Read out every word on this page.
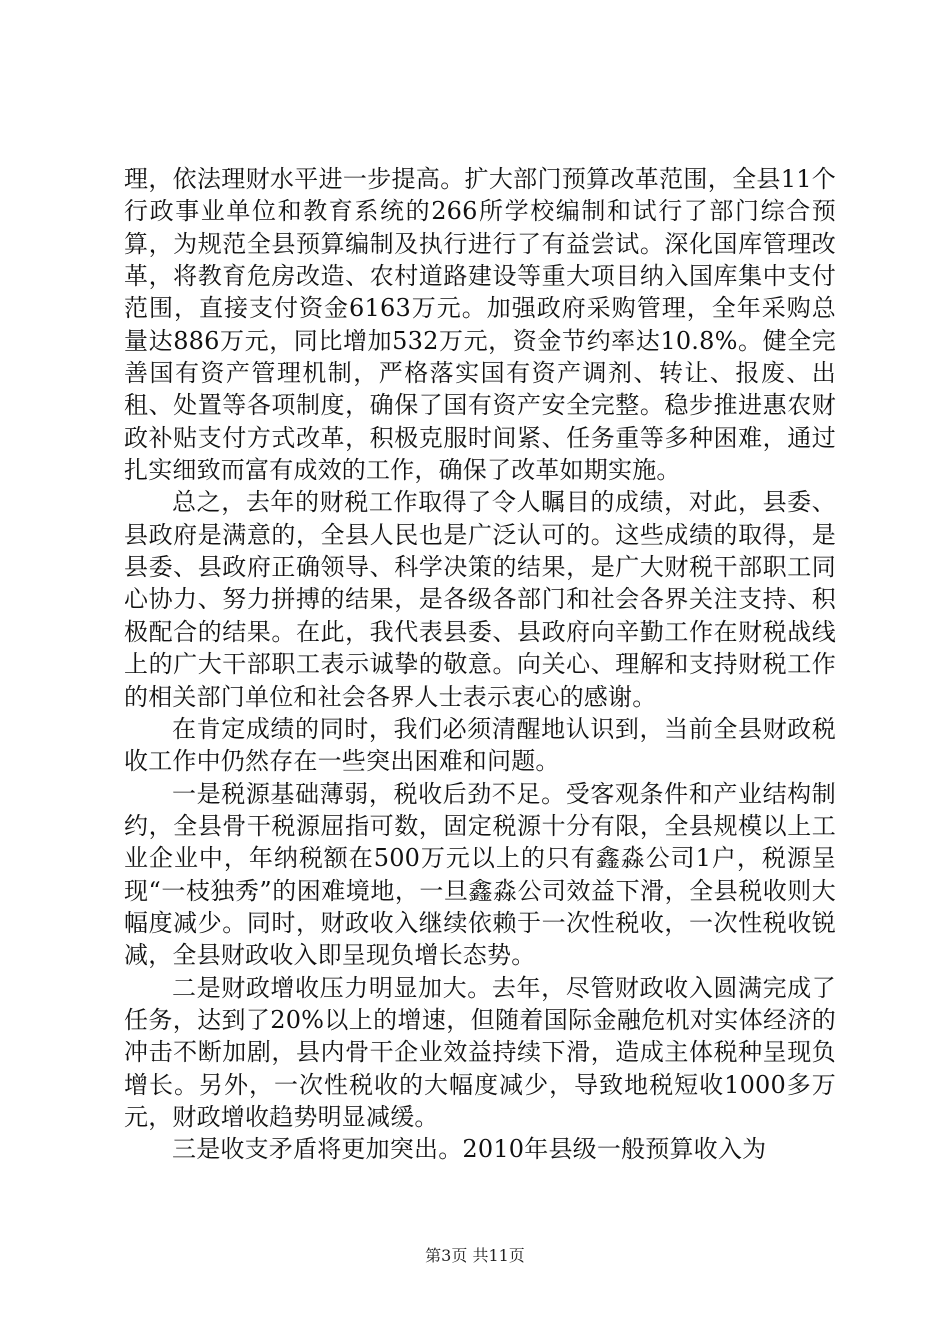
理，依法理财水平进一步提高。扩大部门预算改革范围，全县11个行政事业单位和教育系统的266所学校编制和试行了部门综合预算，为规范全县预算编制及执行进行了有益尝试。深化国库管理改革，将教育危房改造、农村道路建设等重大项目纳入国库集中支付范围，直接支付资金6163万元。加强政府采购管理，全年采购总量达886万元，同比增加532万元，资金节约率达10.8%。健全完善国有资产管理机制，严格落实国有资产调剂、转让、报废、出租、处置等各项制度，确保了国有资产安全完整。稳步推进惠农财政补贴支付方式改革，积极克服时间紧、任务重等多种困难，通过扎实细致而富有成效的工作，确保了改革如期实施。

总之，去年的财税工作取得了令人瞩目的成绩，对此，县委、县政府是满意的，全县人民也是广泛认可的。这些成绩的取得，是县委、县政府正确领导、科学决策的结果，是广大财税干部职工同心协力、努力拼搏的结果，是各级各部门和社会各界关注支持、积极配合的结果。在此，我代表县委、县政府向辛勤工作在财税战线上的广大干部职工表示诚挚的敬意。向关心、理解和支持财税工作的相关部门单位和社会各界人士表示衷心的感谢。

在肯定成绩的同时，我们必须清醒地认识到，当前全县财政税收工作中仍然存在一些突出困难和问题。

一是税源基础薄弱，税收后劲不足。受客观条件和产业结构制约，全县骨干税源屈指可数，固定税源十分有限，全县规模以上工业企业中，年纳税额在500万元以上的只有鑫淼公司1户，税源呈现“一枝独秀”的困难境地，一旦鑫淼公司效益下滑，全县税收则大幅度减少。同时，财政收入继续依赖于一次性税收，一次性税收锐减，全县财政收入即呈现负增长态势。

二是财政增收压力明显加大。去年，尽管财政收入圆满完成了任务，达到了20%以上的增速，但随着国际金融危机对实体经济的冲击不断加剧，县内骨干企业效益持续下滑，造成主体税种呈现负增长。另外，一次性税收的大幅度减少，导致地税短收1000多万元，财政增收趋势明显减缓。

三是收支矛盾将更加突出。2010年县级一般预算收入为

第3页 共11页
